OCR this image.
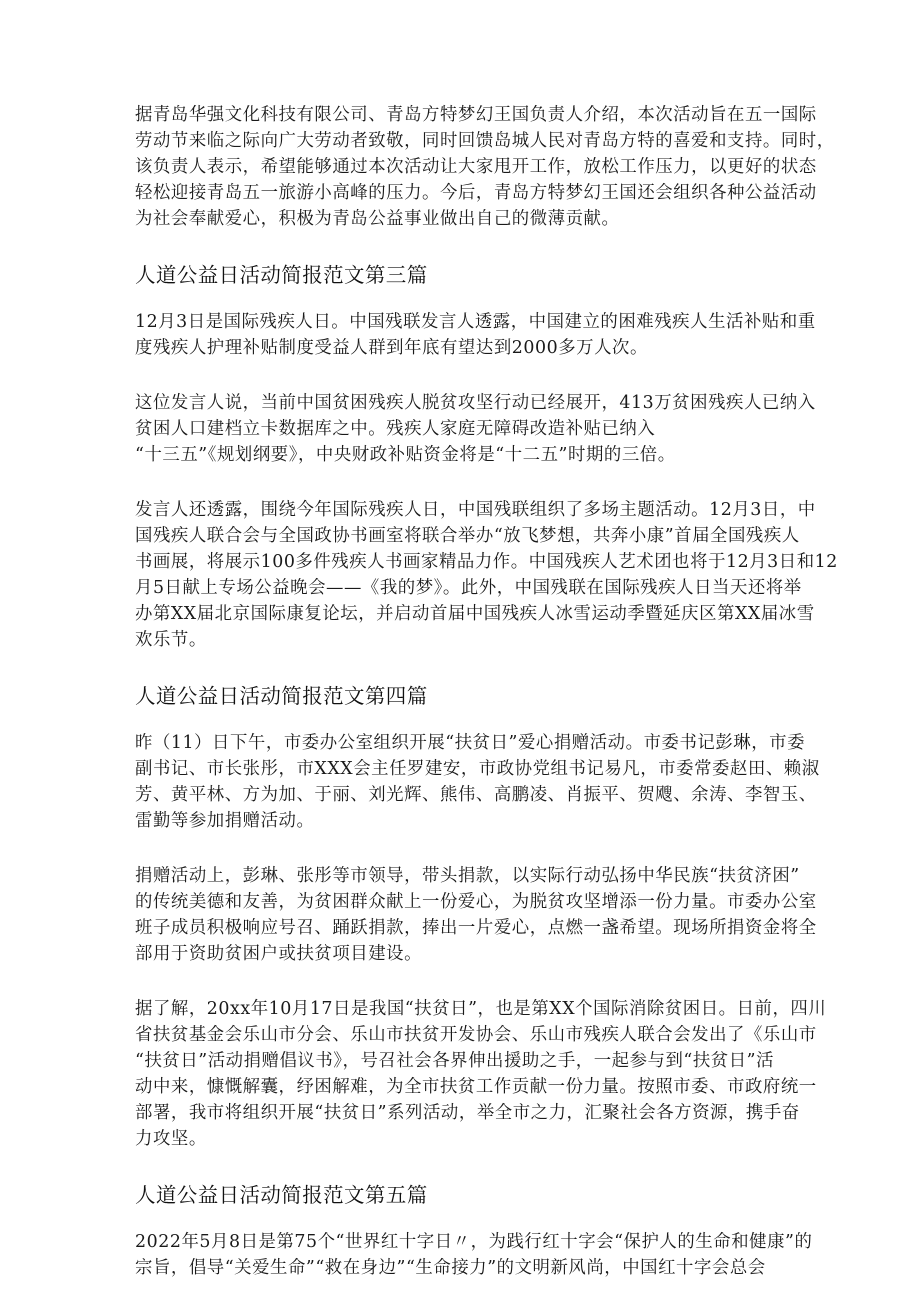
据青岛华强文化科技有限公司、青岛方特梦幻王国负责人介绍，本次活动旨在五一国际
劳动节来临之际向广大劳动者致敬，同时回馈岛城人民对青岛方特的喜爱和支持。同时，
该负责人表示，希望能够通过本次活动让大家甩开工作，放松工作压力，以更好的状态
轻松迎接青岛五一旅游小高峰的压力。今后，青岛方特梦幻王国还会组织各种公益活动
为社会奉献爱心，积极为青岛公益事业做出自己的微薄贡献。

人道公益日活动简报范文第三篇

12月3日是国际残疾人日。中国残联发言人透露，中国建立的困难残疾人生活补贴和重
度残疾人护理补贴制度受益人群到年底有望达到2000多万人次。

这位发言人说，当前中国贫困残疾人脱贫攻坚行动已经展开，413万贫困残疾人已纳入
贫困人口建档立卡数据库之中。残疾人家庭无障碍改造补贴已纳入
“十三五”《规划纲要》，中央财政补贴资金将是“十二五”时期的三倍。

发言人还透露，围绕今年国际残疾人日，中国残联组织了多场主题活动。12月3日，中
国残疾人联合会与全国政协书画室将联合举办“放飞梦想，共奔小康”首届全国残疾人
书画展，将展示100多件残疾人书画家精品力作。中国残疾人艺术团也将于12月3日和12
月5日献上专场公益晚会——《我的梦》。此外，中国残联在国际残疾人日当天还将举
办第XX届北京国际康复论坛，并启动首届中国残疾人冰雪运动季暨延庆区第XX届冰雪
欢乐节。

人道公益日活动简报范文第四篇

昨（11）日下午，市委办公室组织开展“扶贫日”爱心捐赠活动。市委书记彭琳，市委
副书记、市长张彤，市XXX会主任罗建安，市政协党组书记易凡，市委常委赵田、赖淑
芳、黄平林、方为加、于丽、刘光辉、熊伟、高鹏凌、肖振平、贺飕、余涛、李智玉、
雷勤等参加捐赠活动。

捐赠活动上，彭琳、张彤等市领导，带头捐款，以实际行动弘扬中华民族“扶贫济困”
的传统美德和友善，为贫困群众献上一份爱心，为脱贫攻坚增添一份力量。市委办公室
班子成员积极响应号召、踊跃捐款，捧出一片爱心，点燃一盏希望。现场所捐资金将全
部用于资助贫困户或扶贫项目建设。

据了解，20xx年10月17日是我国“扶贫日”，也是第XX个国际消除贫困日。日前，四川
省扶贫基金会乐山市分会、乐山市扶贫开发协会、乐山市残疾人联合会发出了《乐山市
“扶贫日”活动捐赠倡议书》，号召社会各界伸出援助之手，一起参与到“扶贫日”活
动中来，慷慨解囊，纾困解难，为全市扶贫工作贡献一份力量。按照市委、市政府统一
部署，我市将组织开展“扶贫日”系列活动，举全市之力，汇聚社会各方资源，携手奋
力攻坚。

人道公益日活动简报范文第五篇

2022年5月8日是第75个“世界红十字日〃，为践行红十字会“保护人的生命和健康”的
宗旨，倡导“关爱生命”“救在身边”“生命接力”的文明新风尚，中国红十字会总会
